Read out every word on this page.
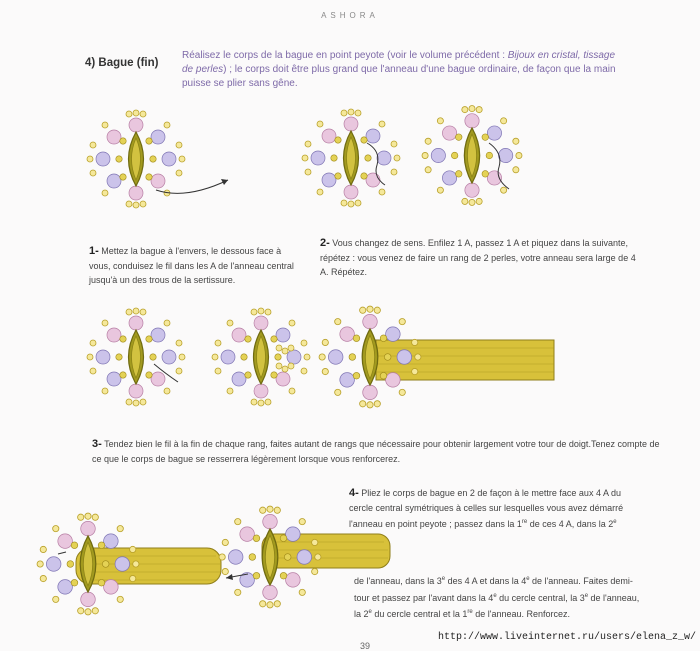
ASHORA
4) Bague (fin)
Réalisez le corps de la bague en point peyote (voir le volume précédent : Bijoux en cristal, tissage de perles) ; le corps doit être plus grand que l'anneau d'une bague ordinaire, de façon que la main puisse se plier sans gêne.
1- Mettez la bague à l'envers, le dessous face à vous, conduisez le fil dans les A de l'anneau central jusqu'à un des trous de la sertissure.
2- Vous changez de sens. Enfilez 1 A, passez 1 A et piquez dans la suivante, répétez : vous venez de faire un rang de 2 perles, votre anneau sera large de 4 A. Répétez.
3- Tendez bien le fil à la fin de chaque rang, faites autant de rangs que nécessaire pour obtenir largement votre tour de doigt.Tenez compte de ce que le corps de bague se resserrera légèrement lorsque vous renforcerez.
4- Pliez le corps de bague en 2 de façon à le mettre face aux 4 A du cercle central symétriques à celles sur lesquelles vous avez démarré l'anneau en point peyote ; passez dans la 1re de ces 4 A, dans la 2e
de l'anneau, dans la 3e des 4 A et dans la 4e de l'anneau. Faites demi-tour et passez par l'avant dans la 4e du cercle central, la 3e de l'anneau, la 2e du cercle central et la 1re de l'anneau. Renforcez.
http://www.liveinternet.ru/users/elena_z_w/
39
